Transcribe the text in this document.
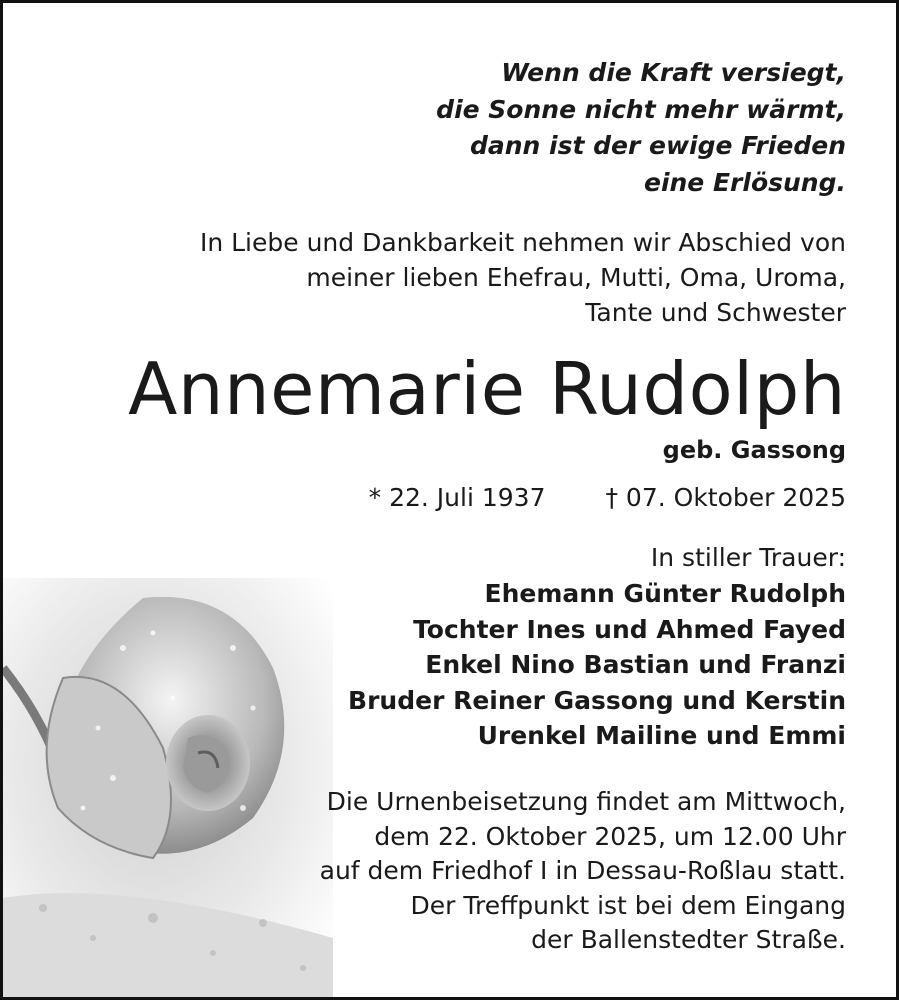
Wenn die Kraft versiegt,
die Sonne nicht mehr wärmt,
dann ist der ewige Frieden
eine Erlösung.
In Liebe und Dankbarkeit nehmen wir Abschied von
meiner lieben Ehefrau, Mutti, Oma, Uroma,
Tante und Schwester
Annemarie Rudolph
geb. Gassong
* 22. Juli 1937 † 07. Oktober 2025
In stiller Trauer:
Ehemann Günter Rudolph
Tochter Ines und Ahmed Fayed
Enkel Nino Bastian und Franzi
Bruder Reiner Gassong und Kerstin
Urenkel Mailine und Emmi
Die Urnenbeisetzung findet am Mittwoch,
dem 22. Oktober 2025, um 12.00 Uhr
auf dem Friedhof I in Dessau-Roßlau statt.
Der Treffpunkt ist bei dem Eingang
der Ballenstedter Straße.
